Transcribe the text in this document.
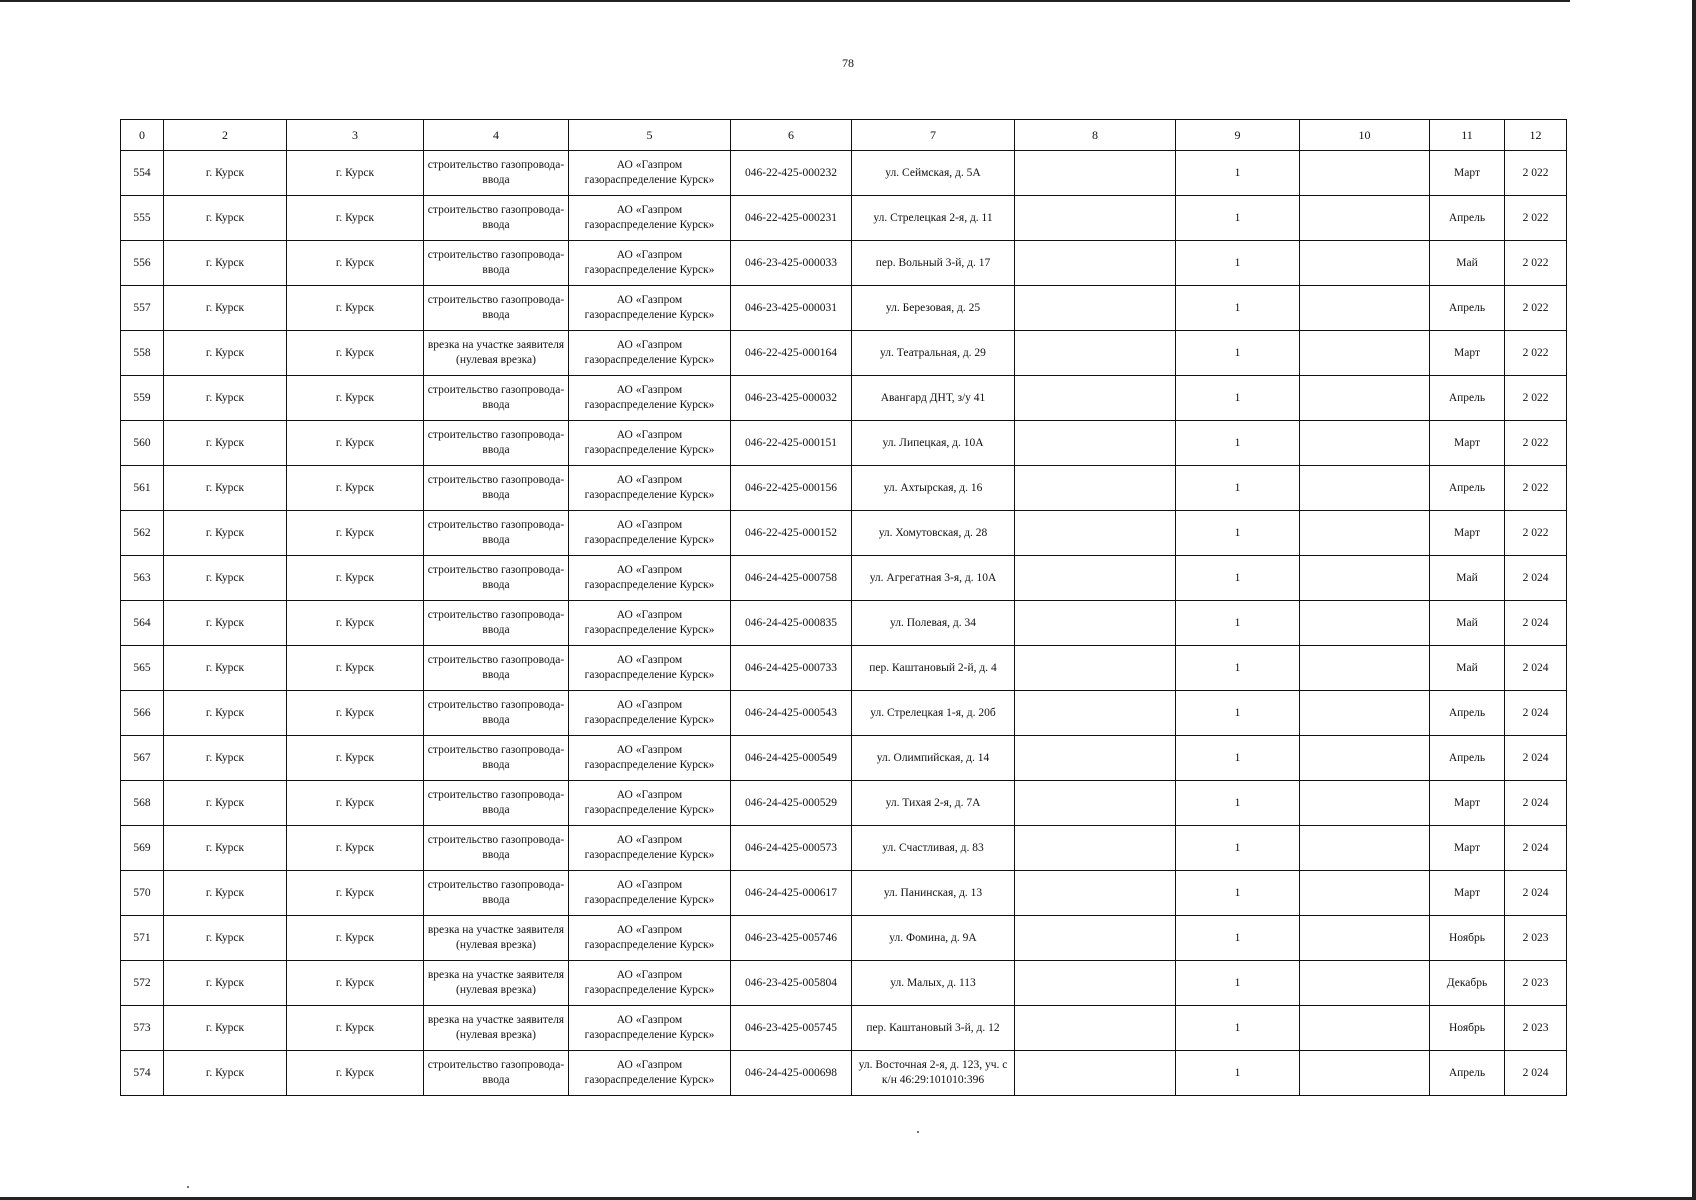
78
0	2	3	4	5	6	7	8	9	10	11	12
554	г. Курск	г. Курск	строительство газопровода-ввода	АО «Газпром газораспределение Курск»	046-22-425-000232	ул. Сеймская, д. 5А		1		Март	2 022
555	г. Курск	г. Курск	строительство газопровода-ввода	АО «Газпром газораспределение Курск»	046-22-425-000231	ул. Стрелецкая 2-я, д. 11		1		Апрель	2 022
556	г. Курск	г. Курск	строительство газопровода-ввода	АО «Газпром газораспределение Курск»	046-23-425-000033	пер. Вольный 3-й, д. 17		1		Май	2 022
557	г. Курск	г. Курск	строительство газопровода-ввода	АО «Газпром газораспределение Курск»	046-23-425-000031	ул. Березовая, д. 25		1		Апрель	2 022
558	г. Курск	г. Курск	врезка на участке заявителя (нулевая врезка)	АО «Газпром газораспределение Курск»	046-22-425-000164	ул. Театральная, д. 29		1		Март	2 022
559	г. Курск	г. Курск	строительство газопровода-ввода	АО «Газпром газораспределение Курск»	046-23-425-000032	Авангард ДНТ, з/у 41		1		Апрель	2 022
560	г. Курск	г. Курск	строительство газопровода-ввода	АО «Газпром газораспределение Курск»	046-22-425-000151	ул. Липецкая, д. 10А		1		Март	2 022
561	г. Курск	г. Курск	строительство газопровода-ввода	АО «Газпром газораспределение Курск»	046-22-425-000156	ул. Ахтырская, д. 16		1		Апрель	2 022
562	г. Курск	г. Курск	строительство газопровода-ввода	АО «Газпром газораспределение Курск»	046-22-425-000152	ул. Хомутовская, д. 28		1		Март	2 022
563	г. Курск	г. Курск	строительство газопровода-ввода	АО «Газпром газораспределение Курск»	046-24-425-000758	ул. Агрегатная 3-я, д. 10А		1		Май	2 024
564	г. Курск	г. Курск	строительство газопровода-ввода	АО «Газпром газораспределение Курск»	046-24-425-000835	ул. Полевая, д. 34		1		Май	2 024
565	г. Курск	г. Курск	строительство газопровода-ввода	АО «Газпром газораспределение Курск»	046-24-425-000733	пер. Каштановый 2-й, д. 4		1		Май	2 024
566	г. Курск	г. Курск	строительство газопровода-ввода	АО «Газпром газораспределение Курск»	046-24-425-000543	ул. Стрелецкая 1-я, д. 20б		1		Апрель	2 024
567	г. Курск	г. Курск	строительство газопровода-ввода	АО «Газпром газораспределение Курск»	046-24-425-000549	ул. Олимпийская, д. 14		1		Апрель	2 024
568	г. Курск	г. Курск	строительство газопровода-ввода	АО «Газпром газораспределение Курск»	046-24-425-000529	ул. Тихая 2-я, д. 7А		1		Март	2 024
569	г. Курск	г. Курск	строительство газопровода-ввода	АО «Газпром газораспределение Курск»	046-24-425-000573	ул. Счастливая, д. 83		1		Март	2 024
570	г. Курск	г. Курск	строительство газопровода-ввода	АО «Газпром газораспределение Курск»	046-24-425-000617	ул. Панинская, д. 13		1		Март	2 024
571	г. Курск	г. Курск	врезка на участке заявителя (нулевая врезка)	АО «Газпром газораспределение Курск»	046-23-425-005746	ул. Фомина, д. 9А		1		Ноябрь	2 023
572	г. Курск	г. Курск	врезка на участке заявителя (нулевая врезка)	АО «Газпром газораспределение Курск»	046-23-425-005804	ул. Малых, д. 113		1		Декабрь	2 023
573	г. Курск	г. Курск	врезка на участке заявителя (нулевая врезка)	АО «Газпром газораспределение Курск»	046-23-425-005745	пер. Каштановый 3-й, д. 12		1		Ноябрь	2 023
574	г. Курск	г. Курск	строительство газопровода-ввода	АО «Газпром газораспределение Курск»	046-24-425-000698	ул. Восточная 2-я, д. 123, уч. с к/н 46:29:101010:396		1		Апрель	2 024
